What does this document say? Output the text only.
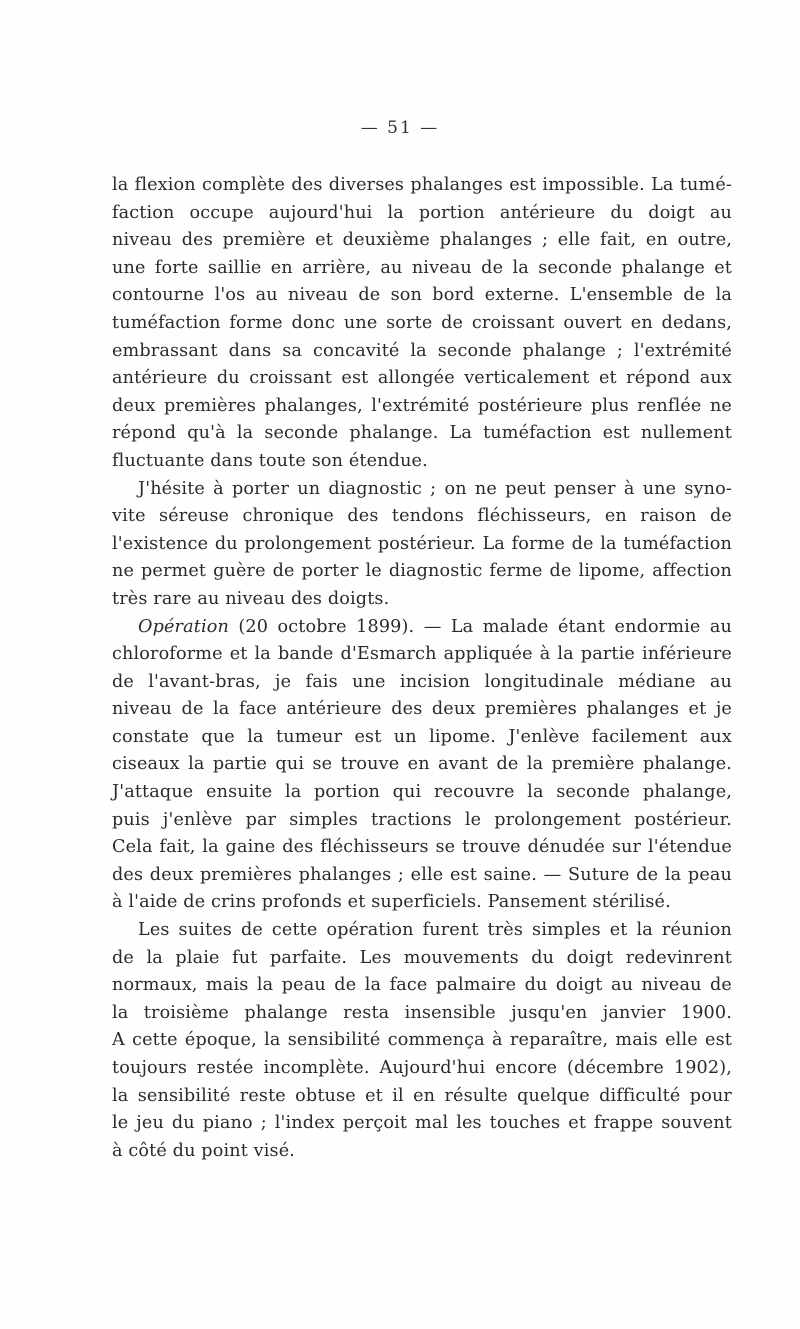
— 51 —
la flexion complète des diverses phalanges est impossible. La tumé-
faction occupe aujourd'hui la portion antérieure du doigt au
niveau des première et deuxième phalanges ; elle fait, en outre,
une forte saillie en arrière, au niveau de la seconde phalange et
contourne l'os au niveau de son bord externe. L'ensemble de la
tuméfaction forme donc une sorte de croissant ouvert en dedans,
embrassant dans sa concavité la seconde phalange ; l'extrémité
antérieure du croissant est allongée verticalement et répond aux
deux premières phalanges, l'extrémité postérieure plus renflée ne
répond qu'à la seconde phalange. La tuméfaction est nullement
fluctuante dans toute son étendue.
J'hésite à porter un diagnostic ; on ne peut penser à une syno-
vite séreuse chronique des tendons fléchisseurs, en raison de
l'existence du prolongement postérieur. La forme de la tuméfaction
ne permet guère de porter le diagnostic ferme de lipome, affection
très rare au niveau des doigts.
Opération (20 octobre 1899). — La malade étant endormie au
chloroforme et la bande d'Esmarch appliquée à la partie inférieure
de l'avant-bras, je fais une incision longitudinale médiane au
niveau de la face antérieure des deux premières phalanges et je
constate que la tumeur est un lipome. J'enlève facilement aux
ciseaux la partie qui se trouve en avant de la première phalange.
J'attaque ensuite la portion qui recouvre la seconde phalange,
puis j'enlève par simples tractions le prolongement postérieur.
Cela fait, la gaine des fléchisseurs se trouve dénudée sur l'étendue
des deux premières phalanges ; elle est saine. — Suture de la peau
à l'aide de crins profonds et superficiels. Pansement stérilisé.
Les suites de cette opération furent très simples et la réunion
de la plaie fut parfaite. Les mouvements du doigt redevinrent
normaux, mais la peau de la face palmaire du doigt au niveau de
la troisième phalange resta insensible jusqu'en janvier 1900.
A cette époque, la sensibilité commença à reparaître, mais elle est
toujours restée incomplète. Aujourd'hui encore (décembre 1902),
la sensibilité reste obtuse et il en résulte quelque difficulté pour
le jeu du piano ; l'index perçoit mal les touches et frappe souvent
à côté du point visé.
